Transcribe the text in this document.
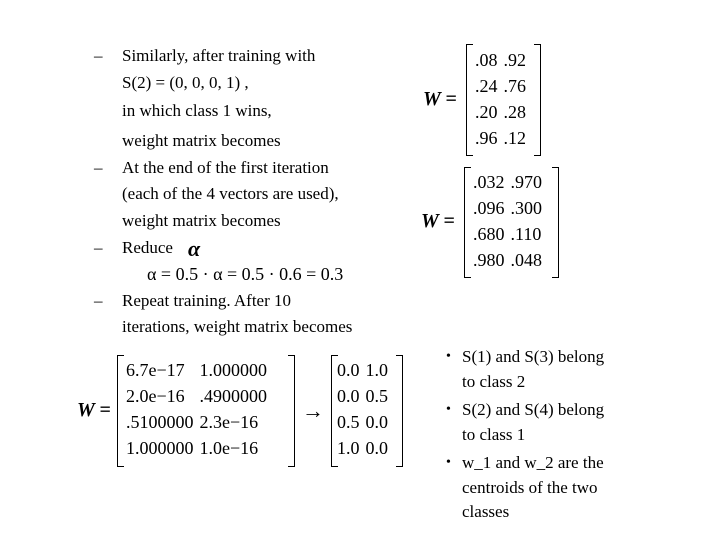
– Similarly, after training with
S(2) = (0, 0, 0, 1) ,
in which class 1 wins,
weight matrix becomes
– At the end of the first iteration
(each of the 4 vectors are used),
weight matrix becomes
– Reduce α
α = 0.5 · α = 0.5 · 0.6 = 0.3
– Repeat training. After 10
iterations, weight matrix becomes
W =
.08	.92
.24	.76
.20	.28
.96	.12
W =
.032	.970
.096	.300
.680	.110
.980	.048
W =
6.7e−17	1.000000
2.0e−16	.4900000
.5100000	2.3e−16
1.000000	1.0e−16
→
0.0	1.0
0.0	0.5
0.5	0.0
1.0	0.0
• S(1) and S(3) belong
to class 2
• S(2) and S(4) belong
to class 1
• w_1 and w_2 are the
centroids of the two
classes
